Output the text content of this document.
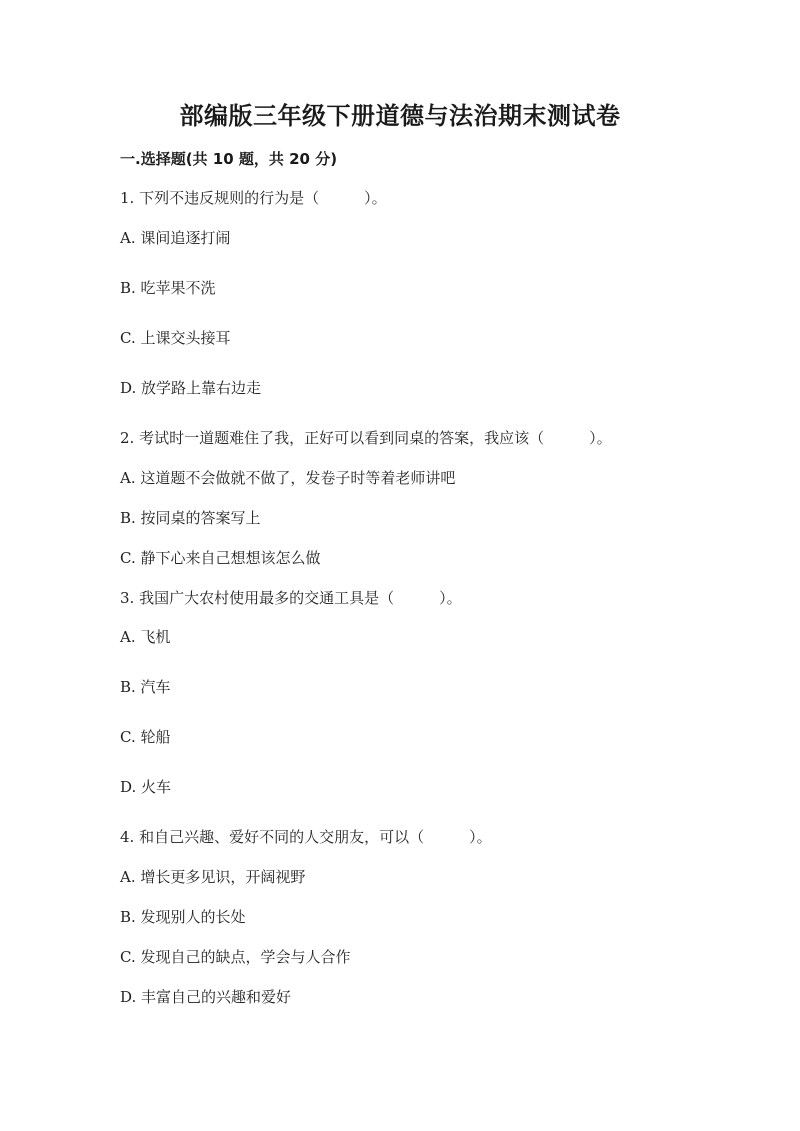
部编版三年级下册道德与法治期末测试卷
一.选择题(共 10 题，共 20 分)
1. 下列不违反规则的行为是（　　　）。
A. 课间追逐打闹
B. 吃苹果不洗
C. 上课交头接耳
D. 放学路上靠右边走
2. 考试时一道题难住了我，正好可以看到同桌的答案，我应该（　　　）。
A. 这道题不会做就不做了，发卷子时等着老师讲吧
B. 按同桌的答案写上
C. 静下心来自己想想该怎么做
3. 我国广大农村使用最多的交通工具是（　　　）。
A. 飞机
B. 汽车
C. 轮船
D. 火车
4. 和自己兴趣、爱好不同的人交朋友，可以（　　　）。
A. 增长更多见识，开阔视野
B. 发现别人的长处
C. 发现自己的缺点，学会与人合作
D. 丰富自己的兴趣和爱好
